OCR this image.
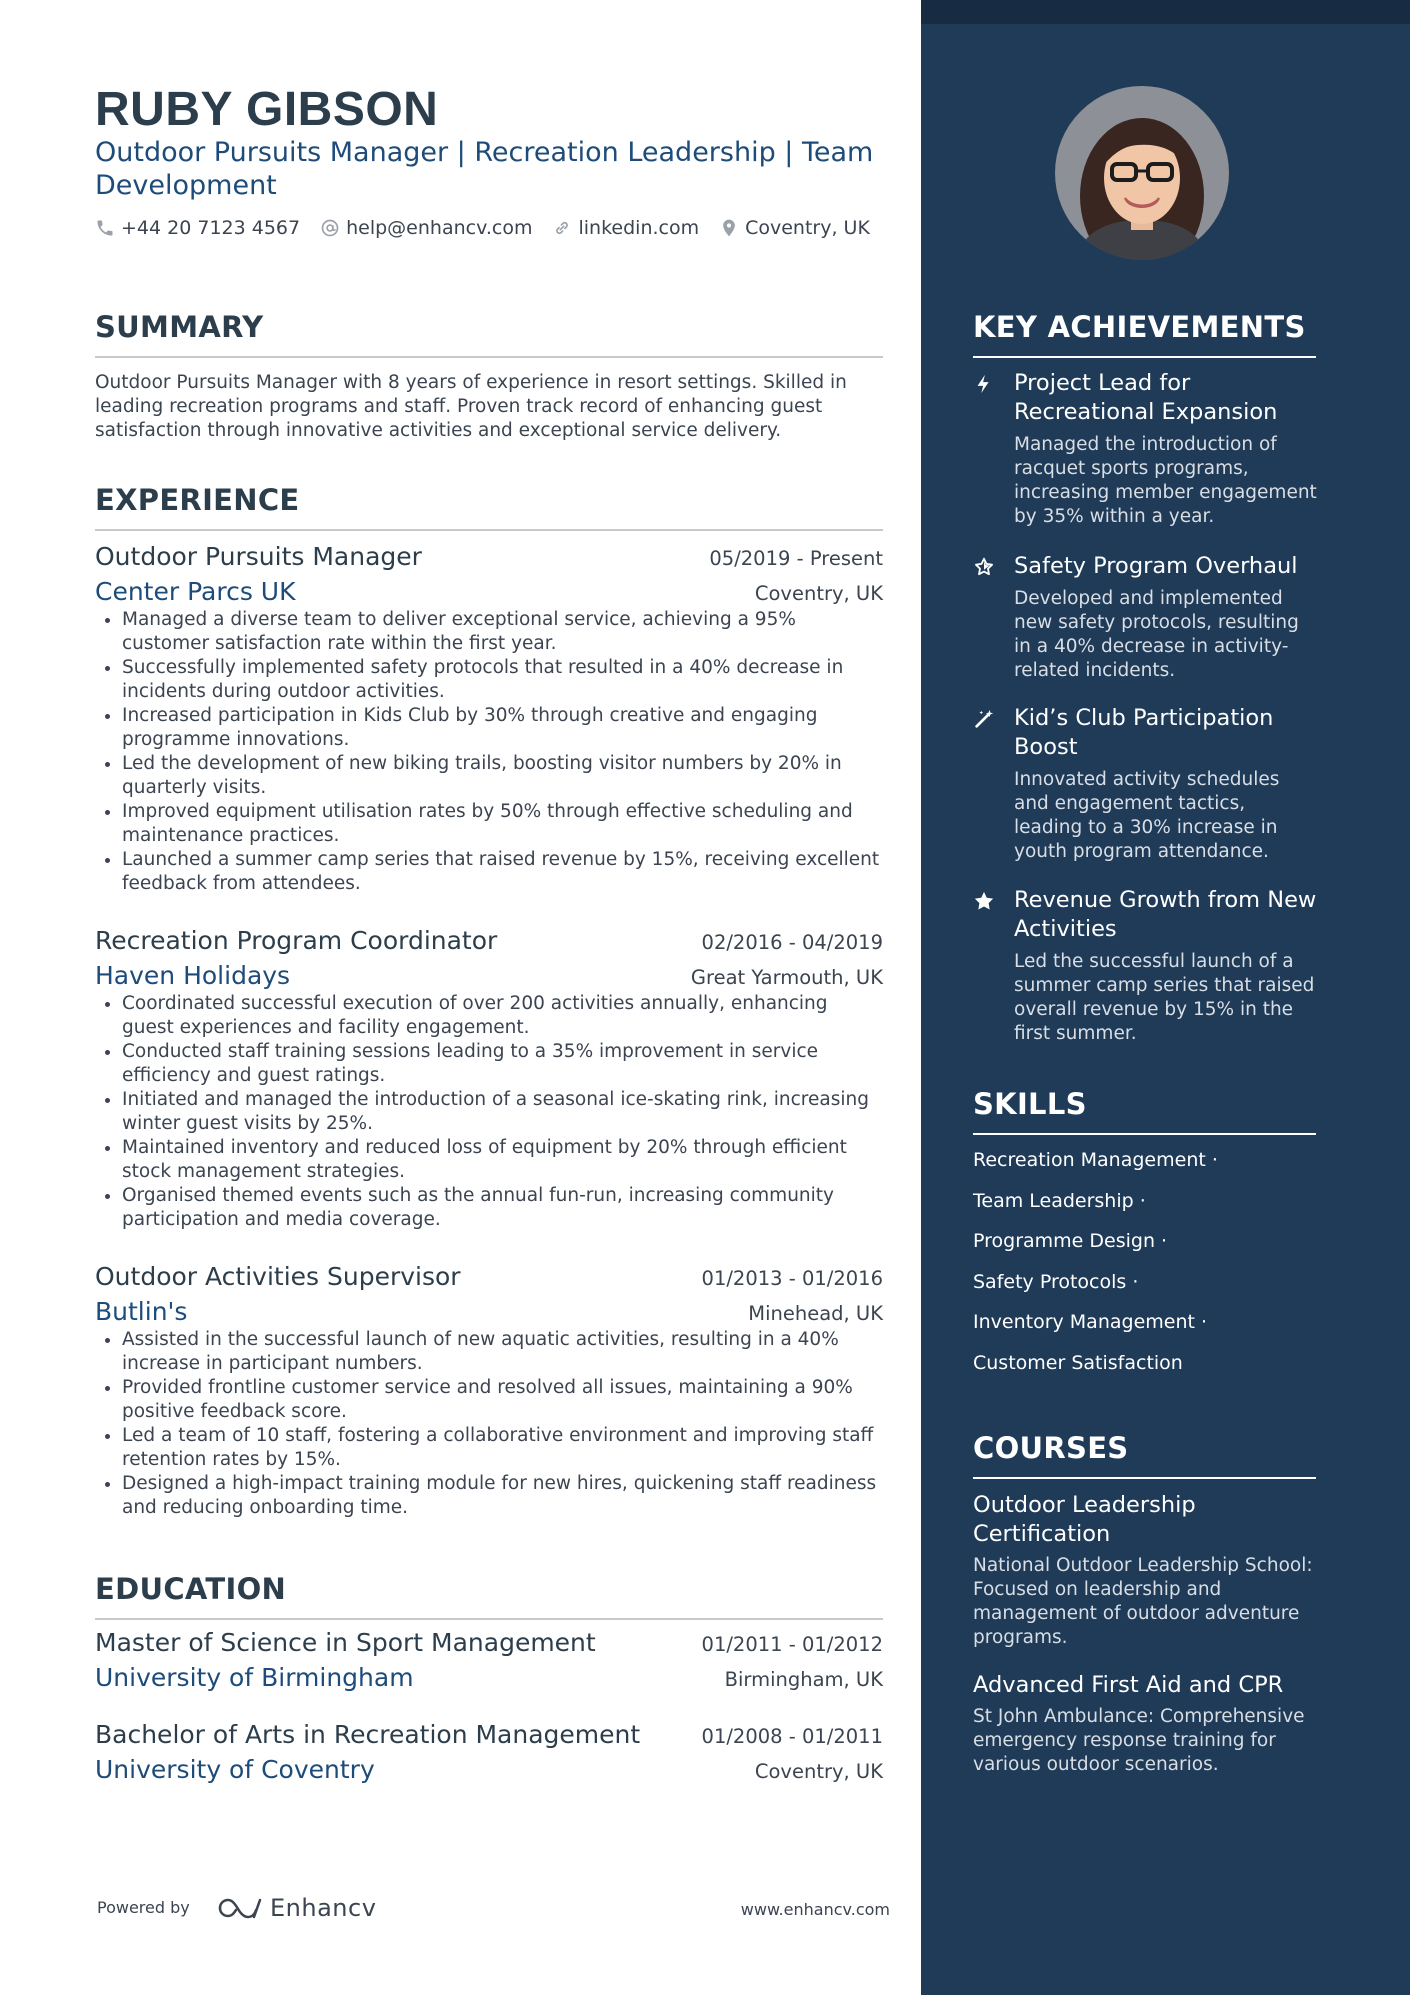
RUBY GIBSON

Outdoor Pursuits Manager | Recreation Leadership | Team Development

+44 20 7123 4567 help@enhancv.com linkedin.com Coventry, UK
SUMMARY

Outdoor Pursuits Manager with 8 years of experience in resort settings. Skilled in leading recreation programs and staff. Proven track record of enhancing guest satisfaction through innovative activities and exceptional service delivery.

EXPERIENCE
Outdoor Pursuits Manager	05/2019 - Present
Center Parcs UK	Coventry, UK
• Managed a diverse team to deliver exceptional service, achieving a 95% customer satisfaction rate within the first year.
• Successfully implemented safety protocols that resulted in a 40% decrease in incidents during outdoor activities.
• Increased participation in Kids Club by 30% through creative and engaging programme innovations.
• Led the development of new biking trails, boosting visitor numbers by 20% in quarterly visits.
• Improved equipment utilisation rates by 50% through effective scheduling and maintenance practices.
• Launched a summer camp series that raised revenue by 15%, receiving excellent feedback from attendees.
Recreation Program Coordinator	02/2016 - 04/2019
Haven Holidays	Great Yarmouth, UK
• Coordinated successful execution of over 200 activities annually, enhancing guest experiences and facility engagement.
• Conducted staff training sessions leading to a 35% improvement in service efficiency and guest ratings.
• Initiated and managed the introduction of a seasonal ice-skating rink, increasing winter guest visits by 25%.
• Maintained inventory and reduced loss of equipment by 20% through efficient stock management strategies.
• Organised themed events such as the annual fun-run, increasing community participation and media coverage.
Outdoor Activities Supervisor	01/2013 - 01/2016
Butlin's	Minehead, UK
• Assisted in the successful launch of new aquatic activities, resulting in a 40% increase in participant numbers.
• Provided frontline customer service and resolved all issues, maintaining a 90% positive feedback score.
• Led a team of 10 staff, fostering a collaborative environment and improving staff retention rates by 15%.
• Designed a high-impact training module for new hires, quickening staff readiness and reducing onboarding time.
EDUCATION
Master of Science in Sport Management	01/2011 - 01/2012
University of Birmingham	Birmingham, UK
Bachelor of Arts in Recreation Management	01/2008 - 01/2011
University of Coventry	Coventry, UK
Powered by	Enhancv	www.enhancv.com
KEY ACHIEVEMENTS
Project Lead for Recreational Expansion
Managed the introduction of racquet sports programs, increasing member engagement by 35% within a year.
Safety Program Overhaul
Developed and implemented new safety protocols, resulting in a 40% decrease in activity-related incidents.
Kid’s Club Participation Boost
Innovated activity schedules and engagement tactics, leading to a 30% increase in youth program attendance.
Revenue Growth from New Activities
Led the successful launch of a summer camp series that raised overall revenue by 15% in the first summer.
SKILLS
Recreation Management ·
Team Leadership ·
Programme Design ·
Safety Protocols ·
Inventory Management ·
Customer Satisfaction
COURSES
Outdoor Leadership Certification
National Outdoor Leadership School: Focused on leadership and management of outdoor adventure programs.
Advanced First Aid and CPR
St John Ambulance: Comprehensive emergency response training for various outdoor scenarios.
